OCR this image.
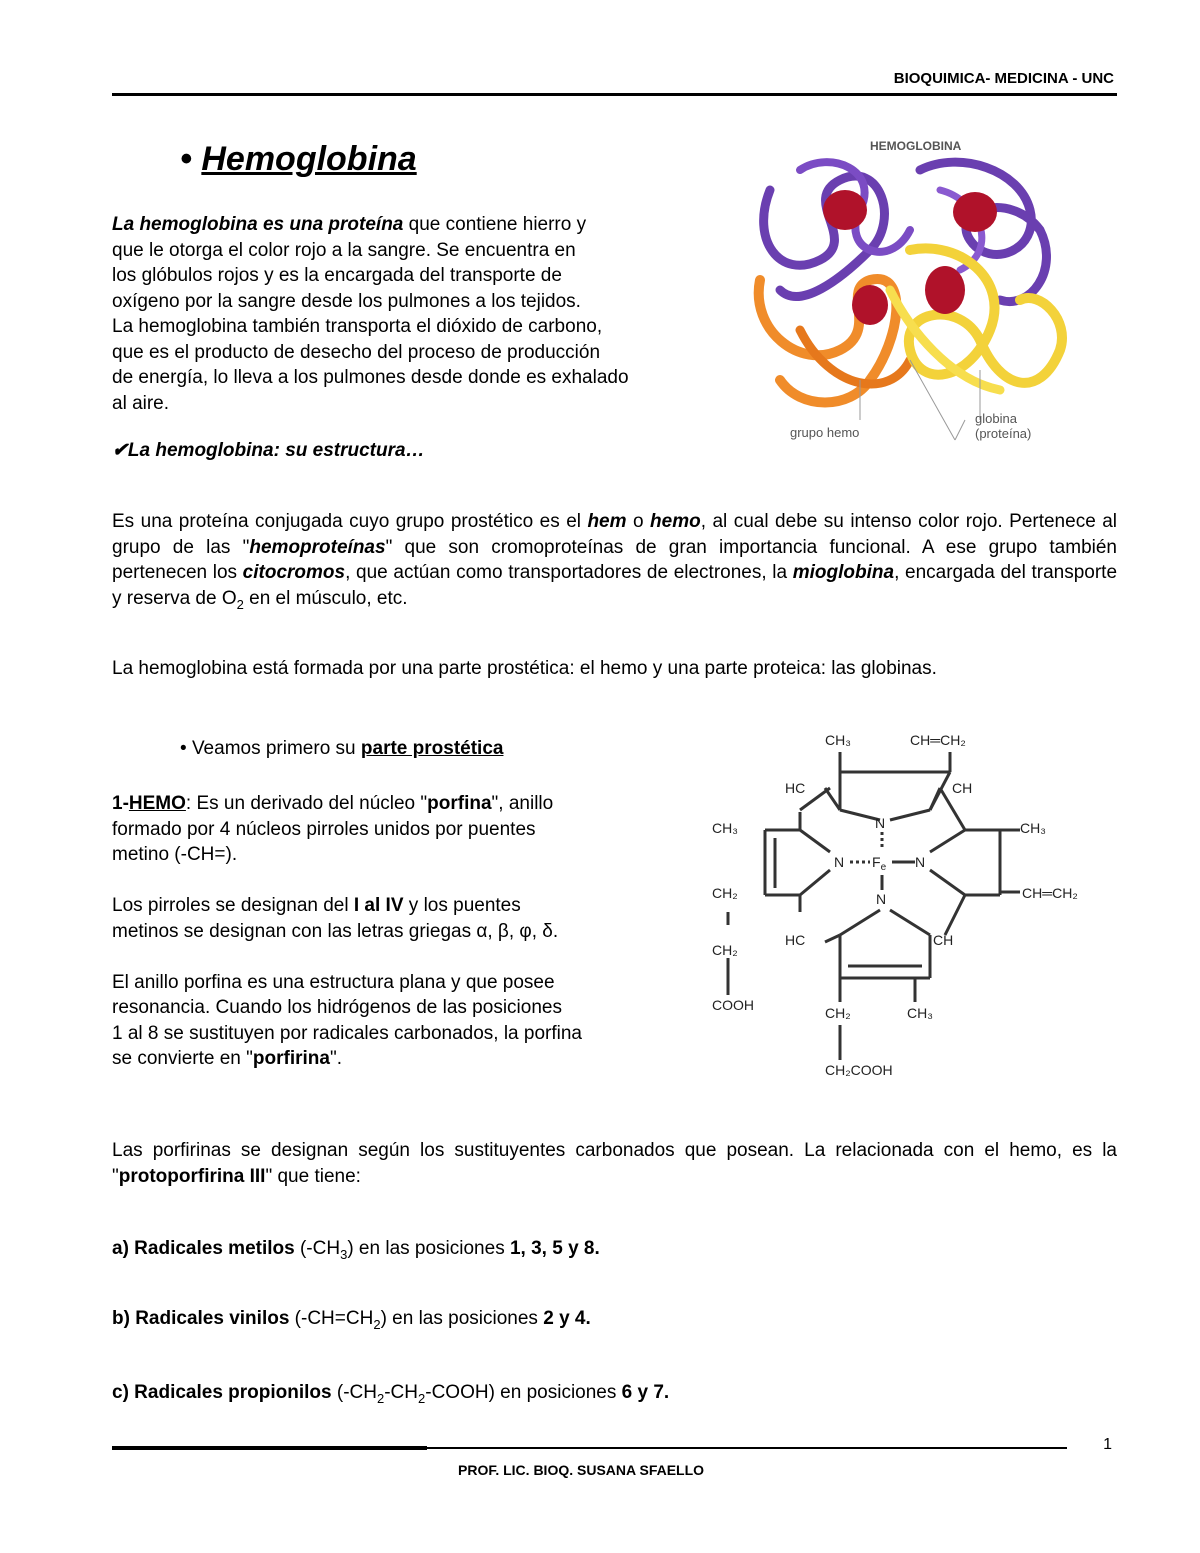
BIOQUIMICA- MEDICINA - UNC
• Hemoglobina
La hemoglobina es una proteína que contiene hierro y
que le otorga el color rojo a la sangre. Se encuentra en
los glóbulos rojos y es la encargada del transporte de
oxígeno por la sangre desde los pulmones a los tejidos.
La hemoglobina también transporta el dióxido de carbono,
que es el producto de desecho del proceso de producción
de energía, lo lleva a los pulmones desde donde es exhalado
al aire.
HEMOGLOBINA
grupo hemo
globina
(proteína)
✔La hemoglobina: su estructura…
Es una proteína conjugada cuyo grupo prostético es el hem o hemo, al cual debe su intenso color rojo. Pertenece al grupo de las "hemoproteínas" que son cromoproteínas de gran importancia funcional. A ese grupo también pertenecen los citocromos, que actúan como transportadores de electrones, la mioglobina, encargada del transporte y reserva de $O_2$ en el músculo, etc.
La hemoglobina está formada por una parte prostética: el hemo y una parte proteica: las globinas.
• Veamos primero su parte prostética
1-HEMO: Es un derivado del núcleo "porfina", anillo
formado por 4 núcleos pirroles unidos por puentes
metino (-CH=).

Los pirroles se designan del I al IV y los puentes
metinos se designan con las letras griegas α, β, φ, δ.

El anillo porfina es una estructura plana y que posee
resonancia. Cuando los hidrógenos de las posiciones
1 al 8 se sustituyen por radicales carbonados, la porfina
se convierte en "porfirina".
CH₃	CH═CH₂
HC	CH
N
CH₃	CH₃
N $F_e$ N
CH₂	CH═CH₂
N
HC	CH
CH₂
COOH	CH₂	CH₃
CH₂COOH
Las porfirinas se designan según los sustituyentes carbonados que posean. La relacionada con el hemo, es la "protoporfirina III" que tiene:
a) Radicales metilos $(-CH_3)$ en las posiciones 1, 3, 5 y 8.
b) Radicales vinilos $(-CH=CH_2)$ en las posiciones 2 y 4.
c) Radicales propionilos $(-CH_2-CH_2-COOH)$ en posiciones 6 y 7.
PROF. LIC. BIOQ. SUSANA SFAELLO
1
